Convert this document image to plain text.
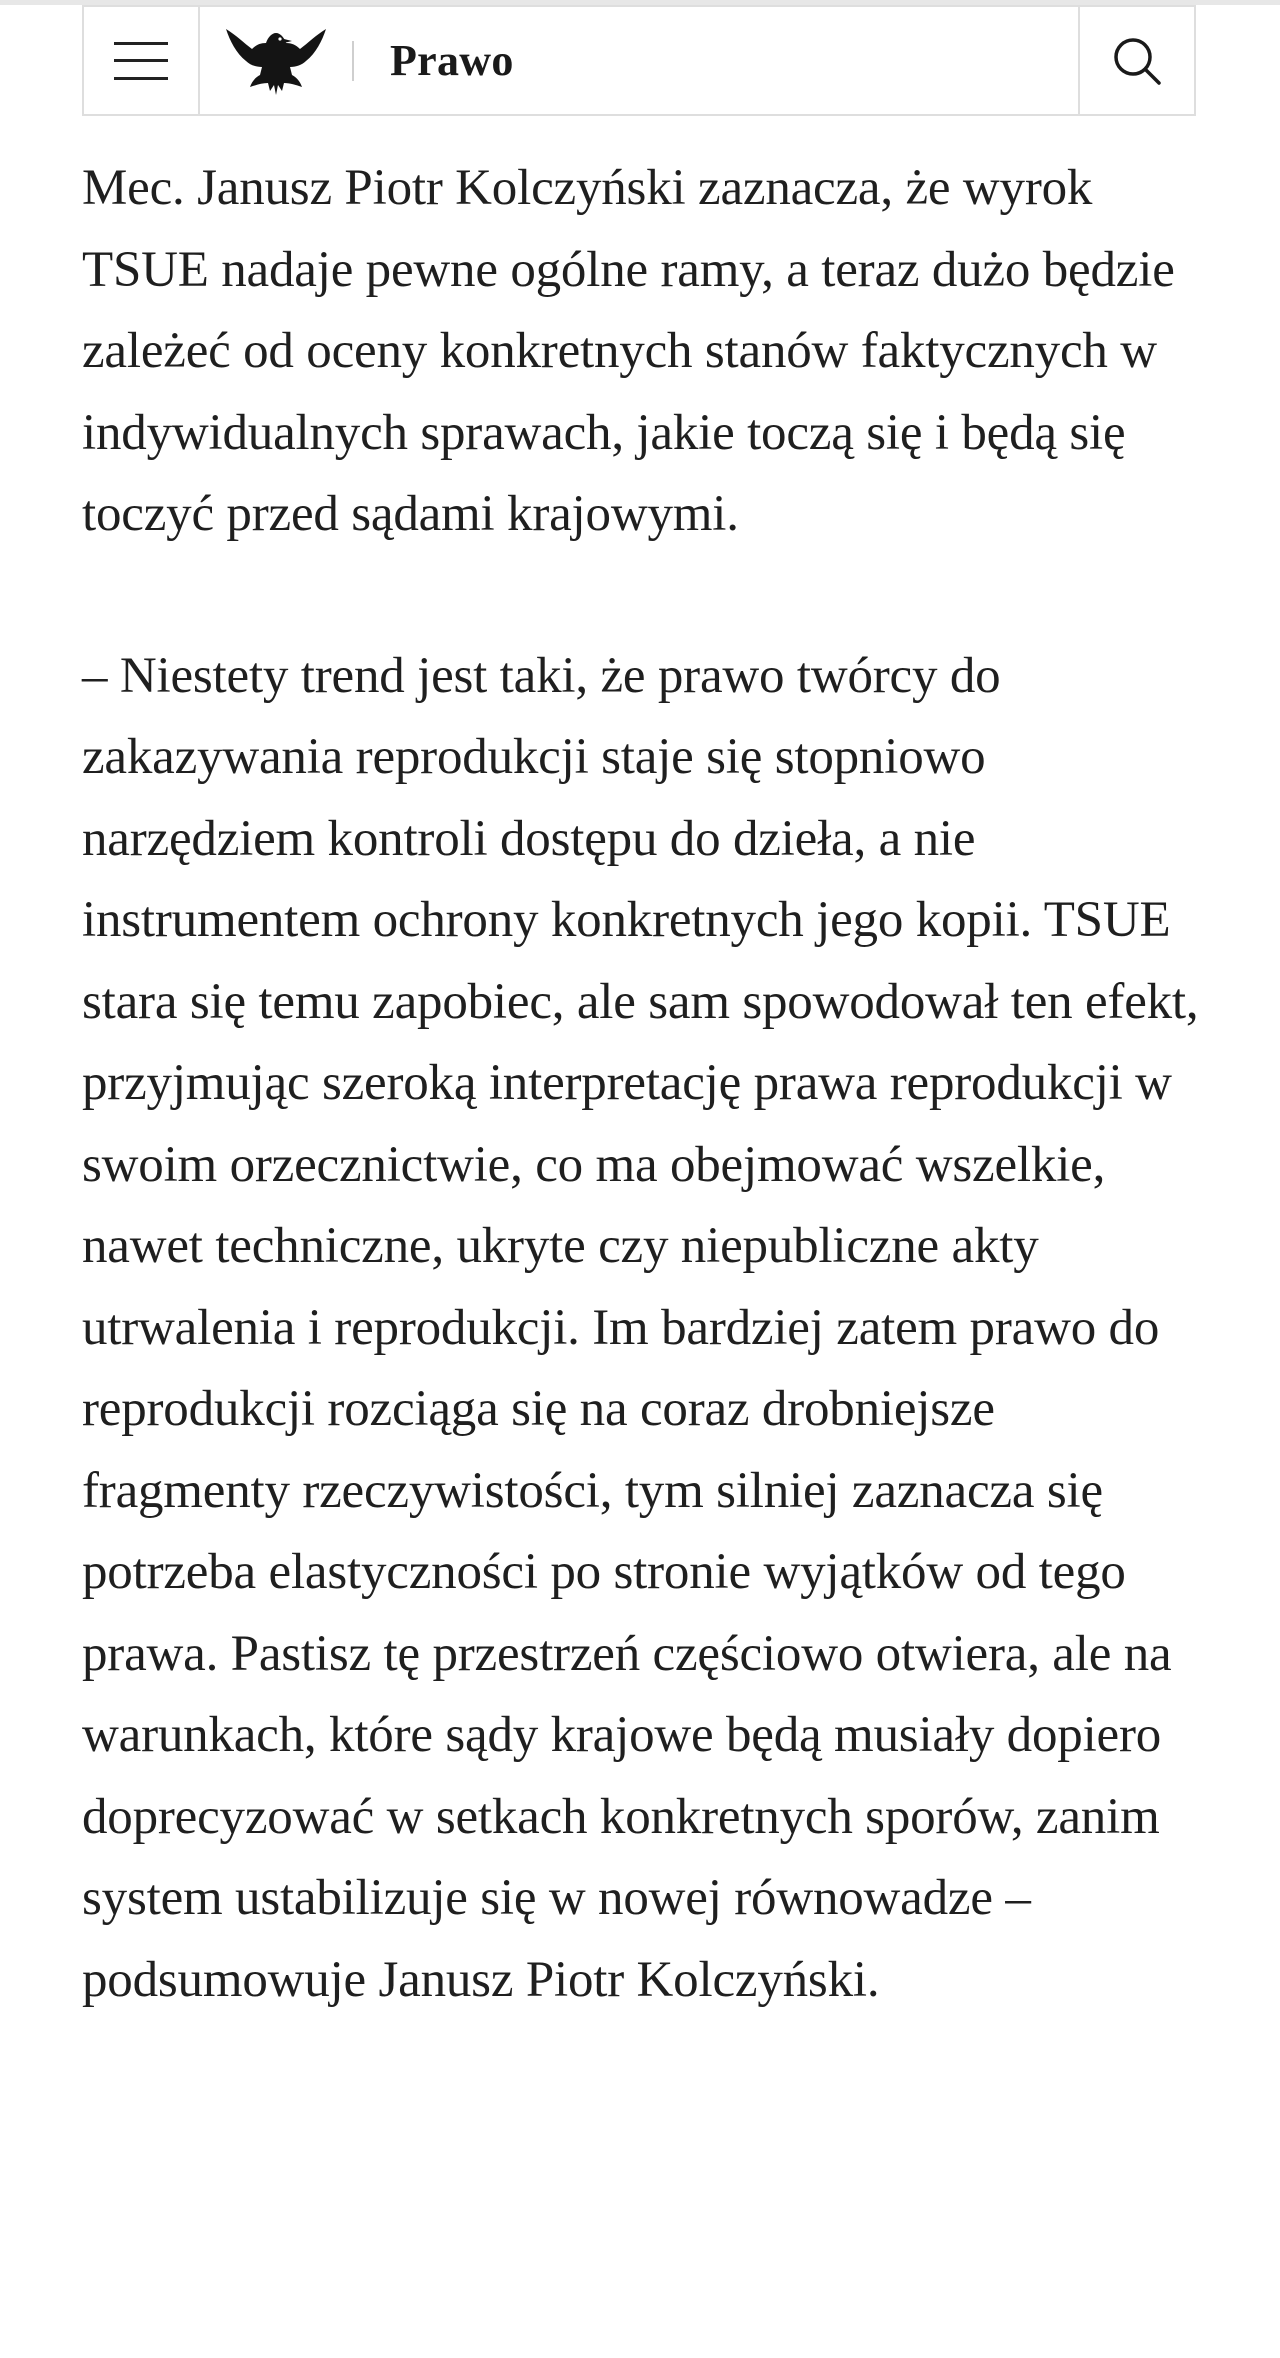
Prawo

Mec. Janusz Piotr Kolczyński zaznacza, że wyrok TSUE nadaje pewne ogólne ramy, a teraz dużo będzie zależeć od oceny konkretnych stanów faktycznych w indywidualnych sprawach, jakie toczą się i będą się toczyć przed sądami krajowymi.

– Niestety trend jest taki, że prawo twórcy do zakazywania reprodukcji staje się stopniowo narzędziem kontroli dostępu do dzieła, a nie instrumentem ochrony konkretnych jego kopii. TSUE stara się temu zapobiec, ale sam spowodował ten efekt, przyjmując szeroką interpretację prawa reprodukcji w swoim orzecznictwie, co ma obejmować wszelkie, nawet techniczne, ukryte czy niepubliczne akty utrwalenia i reprodukcji. Im bardziej zatem prawo do reprodukcji rozciąga się na coraz drobniejsze fragmenty rzeczywistości, tym silniej zaznacza się potrzeba elastyczności po stronie wyjątków od tego prawa. Pastisz tę przestrzeń częściowo otwiera, ale na warunkach, które sądy krajowe będą musiały dopiero doprecyzować w setkach konkretnych sporów, zanim system ustabilizuje się w nowej równowadze – podsumowuje Janusz Piotr Kolczyński.
